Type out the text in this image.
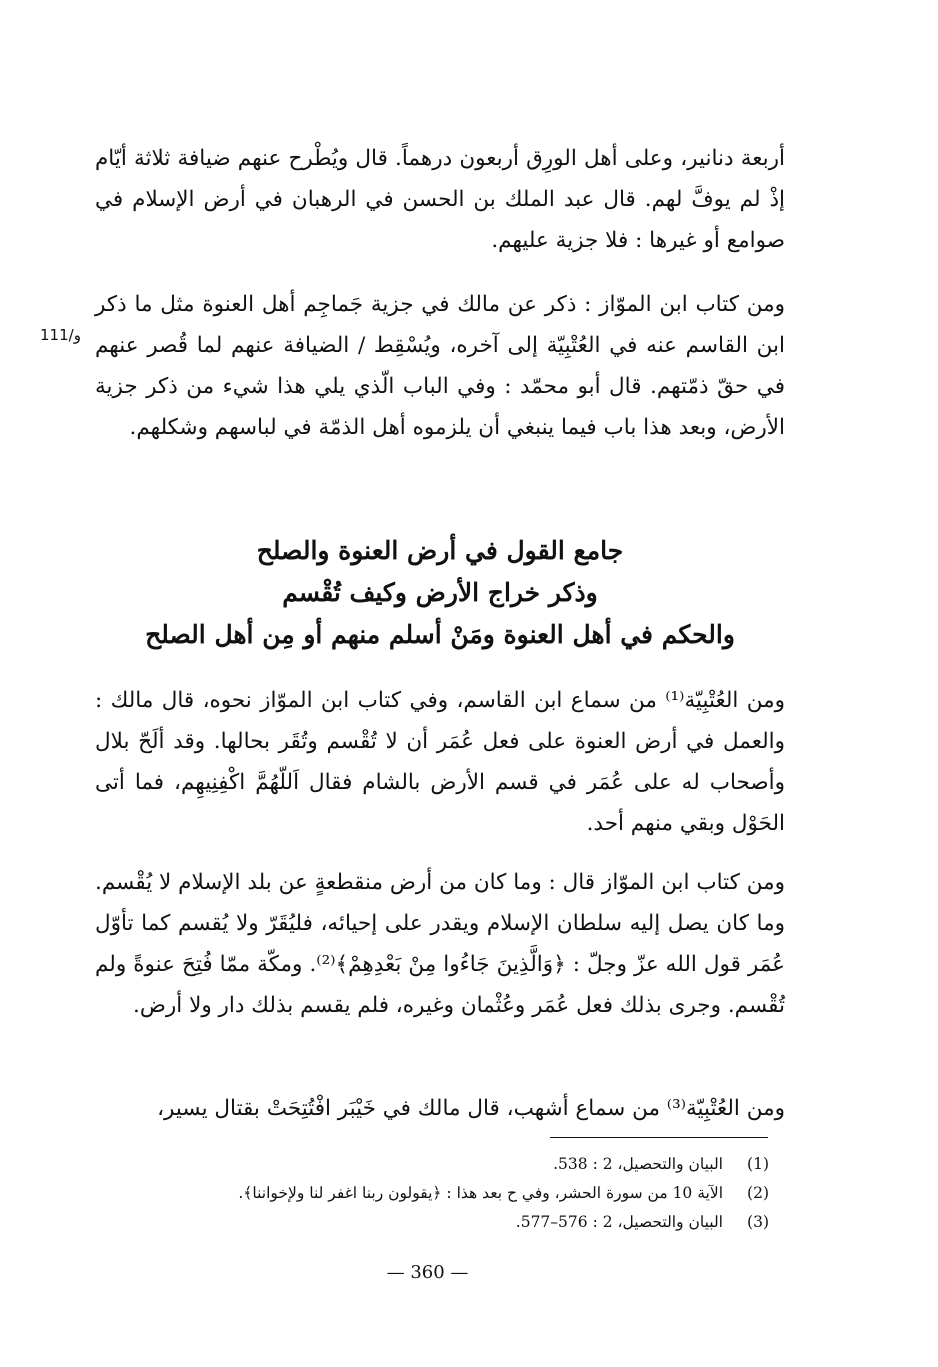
أربعة دنانير، وعلى أهل الورِق أربعون درهماً. قال ويُطْرح عنهم ضيافة ثلاثة أيّام إذْ لم يوفَّ لهم. قال عبد الملك بن الحسن في الرهبان في أرض الإسلام في صوامع أو غيرها : فلا جزية عليهم.

111/و

ومن كتاب ابن الموّاز : ذكر عن مالك في جزية جَماجِم أهل العنوة مثل ما ذكر ابن القاسم عنه في العُتْبِيّة إلى آخره، ويُسْقِط / الضيافة عنهم لما قُصر عنهم في حقّ ذمّتهم. قال أبو محمّد : وفي الباب الّذي يلي هذا شيء من ذكر جزية الأرض، وبعد هذا باب فيما ينبغي أن يلزموه أهل الذمّة في لباسهم وشكلهم.

جامع القول في أرض العنوة والصلح
وذكر خراج الأرض وكيف تُقْسم
والحكم في أهل العنوة ومَنْ أسلم منهم أو مِن أهل الصلح

ومن العُتْبِيّة⁽¹⁾ من سماع ابن القاسم، وفي كتاب ابن الموّاز نحوه، قال مالك : والعمل في أرض العنوة على فعل عُمَر أن لا تُقْسم وتُقَر بحالها. وقد ألَحّ بلال وأصحاب له على عُمَر في قسم الأرض بالشام فقال اَللّهُمَّ اكْفِنِيهِم، فما أتى الحَوْل وبقي منهم أحد.

ومن كتاب ابن الموّاز قال : وما كان من أرض منقطعةٍ عن بلد الإسلام لا يُقْسم. وما كان يصل إليه سلطان الإسلام ويقدر على إحيائه، فليُقَرّ ولا يُقسم كما تأوّل عُمَر قول الله عزّ وجلّ : ﴿وَالَّذِينَ جَاءُوا مِنْ بَعْدِهِمْ﴾⁽²⁾. ومكّة ممّا فُتِحَ عنوةً ولم تُقْسم. وجرى بذلك فعل عُمَر وعُثْمان وغيره، فلم يقسم بذلك دار ولا أرض.

ومن العُتْبِيّة⁽³⁾ من سماع أشهب، قال مالك في خَيْبَر افْتُتِحَتْ بقتال يسير،

(1)
البيان والتحصيل، 2 : 538.
(2)
الآية 10 من سورة الحشر، وفي ح بعد هذا : ﴿يقولون ربنا اغفر لنا ولإخواننا﴾.
(3)
البيان والتحصيل، 2 : 576–577.
— 360 —
